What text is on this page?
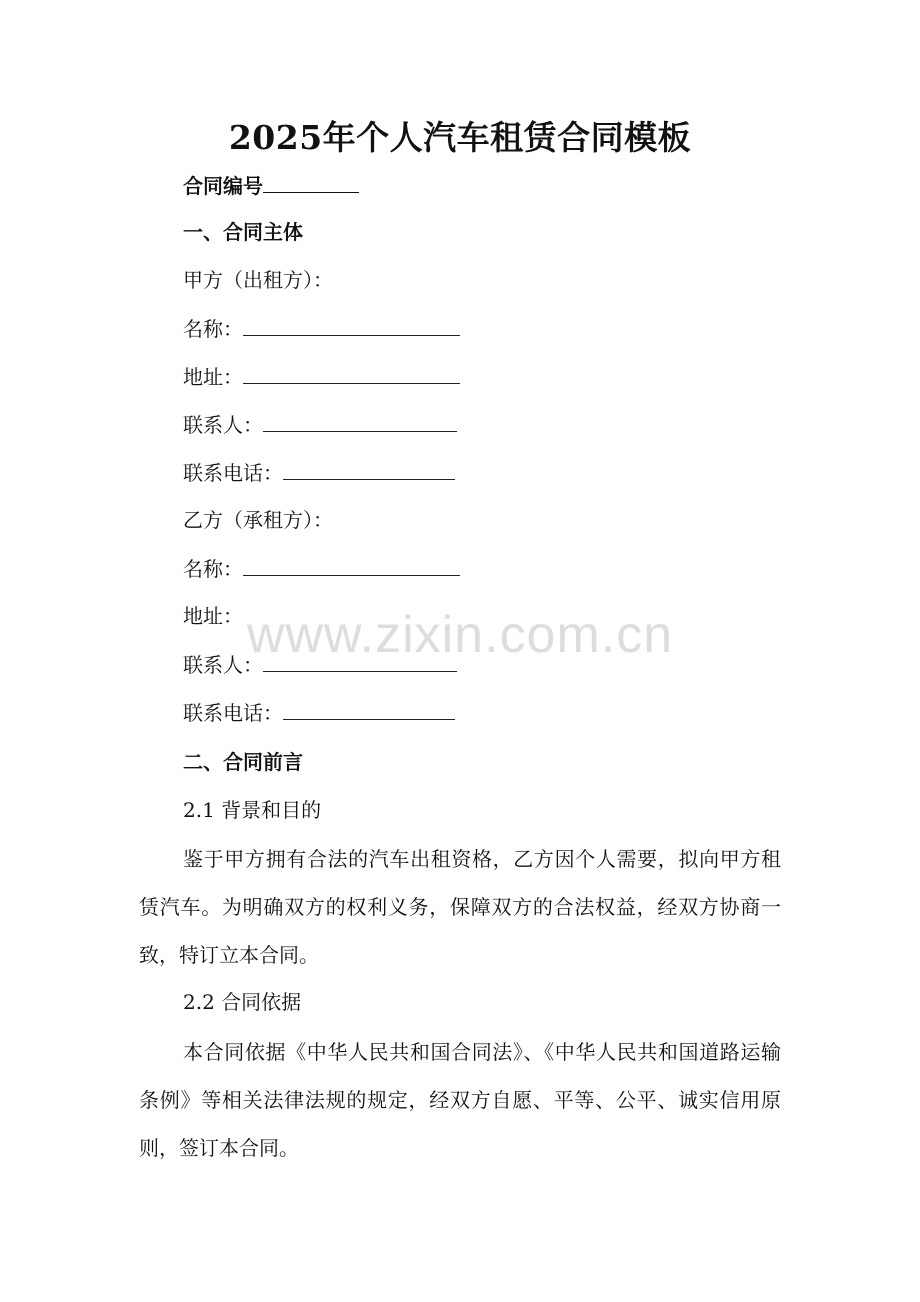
2025年个人汽车租赁合同模板
合同编号
一、合同主体
甲方（出租方）：
名称：
地址：
联系人：
联系电话：
乙方（承租方）：
名称：
地址：
联系人：
联系电话：
二、合同前言
2.1 背景和目的
鉴于甲方拥有合法的汽车出租资格，乙方因个人需要，拟向甲方租赁汽车。为明确双方的权利义务，保障双方的合法权益，经双方协商一致，特订立本合同。
2.2 合同依据
本合同依据《中华人民共和国合同法》、《中华人民共和国道路运输条例》等相关法律法规的规定，经双方自愿、平等、公平、诚实信用原则，签订本合同。
www.zixin.com.cn
